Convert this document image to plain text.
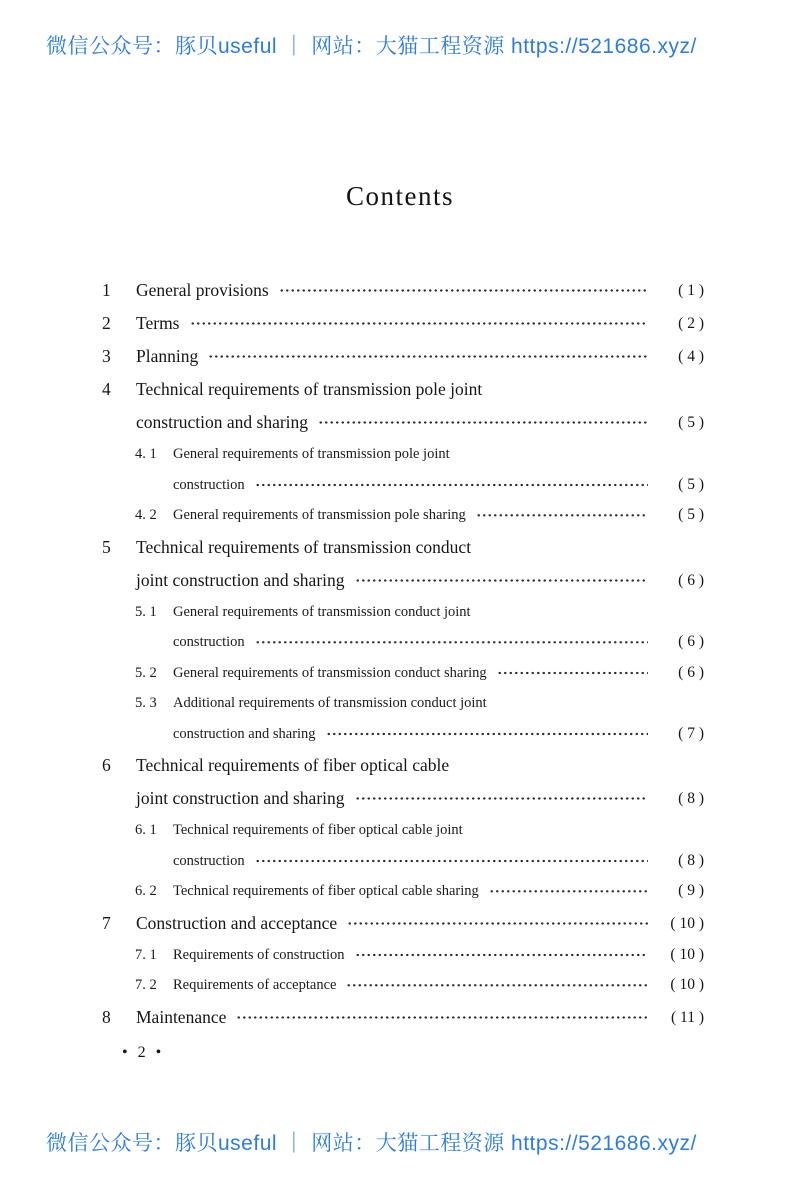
微信公众号：豚贝useful ｜ 网站：大猫工程资源 https://521686.xyz/
Contents
1	General provisions	( 1 )
2	Terms	( 2 )
3	Planning	( 4 )
4	Technical requirements of transmission pole joint
construction and sharing	( 5 )
4. 1	General requirements of transmission pole joint
construction	( 5 )
4. 2	General requirements of transmission pole sharing	( 5 )
5	Technical requirements of transmission conduct
joint construction and sharing	( 6 )
5. 1	General requirements of transmission conduct joint
construction	( 6 )
5. 2	General requirements of transmission conduct sharing	( 6 )
5. 3	Additional requirements of transmission conduct joint
construction and sharing	( 7 )
6	Technical requirements of fiber optical cable
joint construction and sharing	( 8 )
6. 1	Technical requirements of fiber optical cable joint
construction	( 8 )
6. 2	Technical requirements of fiber optical cable sharing	( 9 )
7	Construction and acceptance	( 10 )
7. 1	Requirements of construction	( 10 )
7. 2	Requirements of acceptance	( 10 )
8	Maintenance	( 11 )
• 2 •
微信公众号：豚贝useful ｜ 网站：大猫工程资源 https://521686.xyz/
